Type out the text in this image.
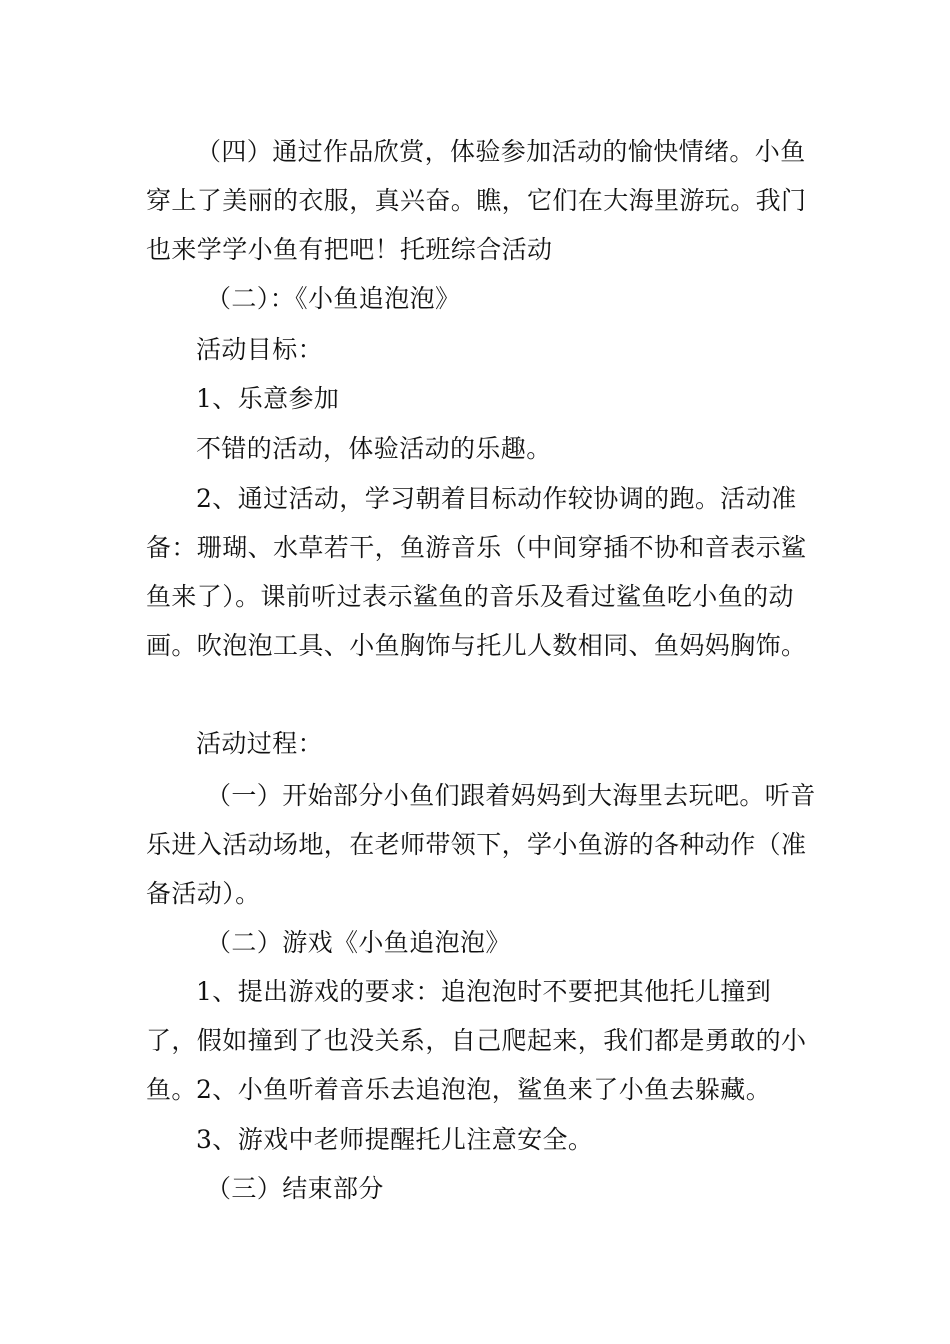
（四）通过作品欣赏，体验参加活动的愉快情绪。小鱼穿上了美丽的衣服，真兴奋。瞧，它们在大海里游玩。我门也来学学小鱼有把吧！托班综合活动

（二）：《小鱼追泡泡》

活动目标：

1、乐意参加

不错的活动，体验活动的乐趣。

2、通过活动，学习朝着目标动作较协调的跑。活动准备：珊瑚、水草若干，鱼游音乐（中间穿插不协和音表示鲨鱼来了）。课前听过表示鲨鱼的音乐及看过鲨鱼吃小鱼的动画。吹泡泡工具、小鱼胸饰与托儿人数相同、鱼妈妈胸饰。

活动过程：

（一）开始部分小鱼们跟着妈妈到大海里去玩吧。听音乐进入活动场地，在老师带领下，学小鱼游的各种动作（准备活动）。

（二）游戏《小鱼追泡泡》

1、提出游戏的要求：追泡泡时不要把其他托儿撞到了，假如撞到了也没关系，自己爬起来，我们都是勇敢的小鱼。 2、小鱼听着音乐去追泡泡，鲨鱼来了小鱼去躲藏。

3、游戏中老师提醒托儿注意安全。

（三）结束部分
